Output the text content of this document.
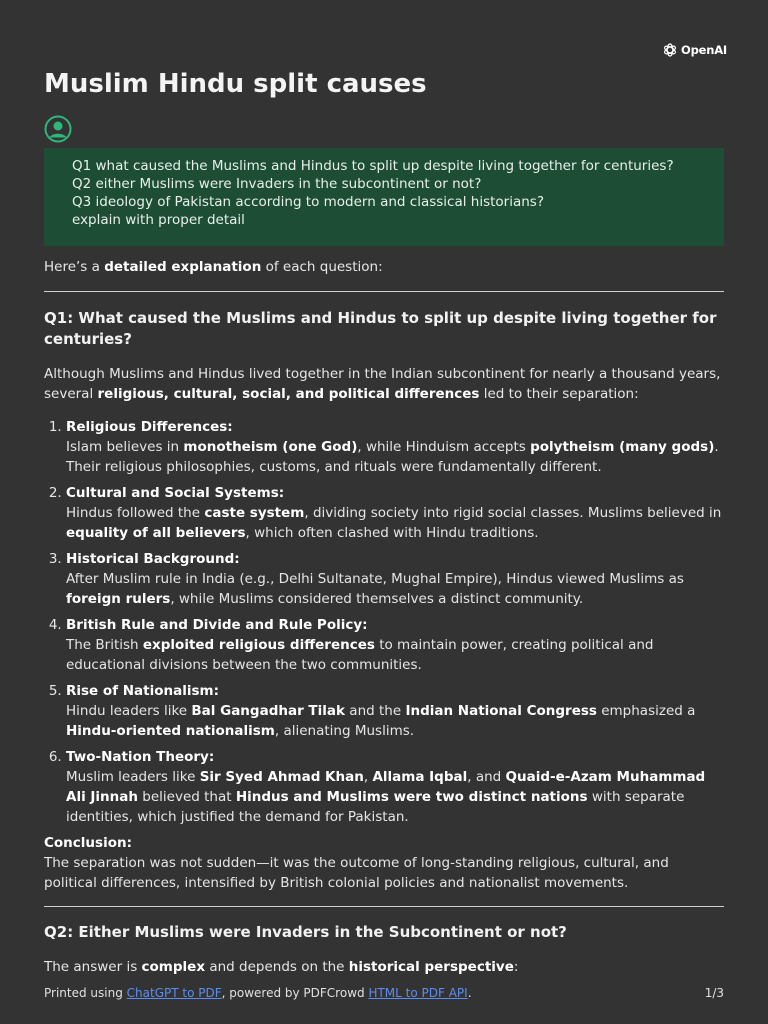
OpenAI
Muslim Hindu split causes
Q1 what caused the Muslims and Hindus to split up despite living together for centuries?
Q2 either Muslims were Invaders in the subcontinent or not?
Q3 ideology of Pakistan according to modern and classical historians?
explain with proper detail

Here’s a detailed explanation of each question:

Q1: What caused the Muslims and Hindus to split up despite living together for centuries?

Although Muslims and Hindus lived together in the Indian subcontinent for nearly a thousand years, several religious, cultural, social, and political differences led to their separation:

1. Religious Differences:
Islam believes in monotheism (one God), while Hinduism accepts polytheism (many gods). Their religious philosophies, customs, and rituals were fundamentally different.
2. Cultural and Social Systems:
Hindus followed the caste system, dividing society into rigid social classes. Muslims believed in equality of all believers, which often clashed with Hindu traditions.
3. Historical Background:
After Muslim rule in India (e.g., Delhi Sultanate, Mughal Empire), Hindus viewed Muslims as foreign rulers, while Muslims considered themselves a distinct community.
4. British Rule and Divide and Rule Policy:
The British exploited religious differences to maintain power, creating political and educational divisions between the two communities.
5. Rise of Nationalism:
Hindu leaders like Bal Gangadhar Tilak and the Indian National Congress emphasized a Hindu-oriented nationalism, alienating Muslims.
6. Two-Nation Theory:
Muslim leaders like Sir Syed Ahmad Khan, Allama Iqbal, and Quaid-e-Azam Muhammad Ali Jinnah believed that Hindus and Muslims were two distinct nations with separate identities, which justified the demand for Pakistan.

Conclusion:
The separation was not sudden—it was the outcome of long-standing religious, cultural, and political differences, intensified by British colonial policies and nationalist movements.

Q2: Either Muslims were Invaders in the Subcontinent or not?

The answer is complex and depends on the historical perspective:

Printed using ChatGPT to PDF, powered by PDFCrowd HTML to PDF API.	1/3
